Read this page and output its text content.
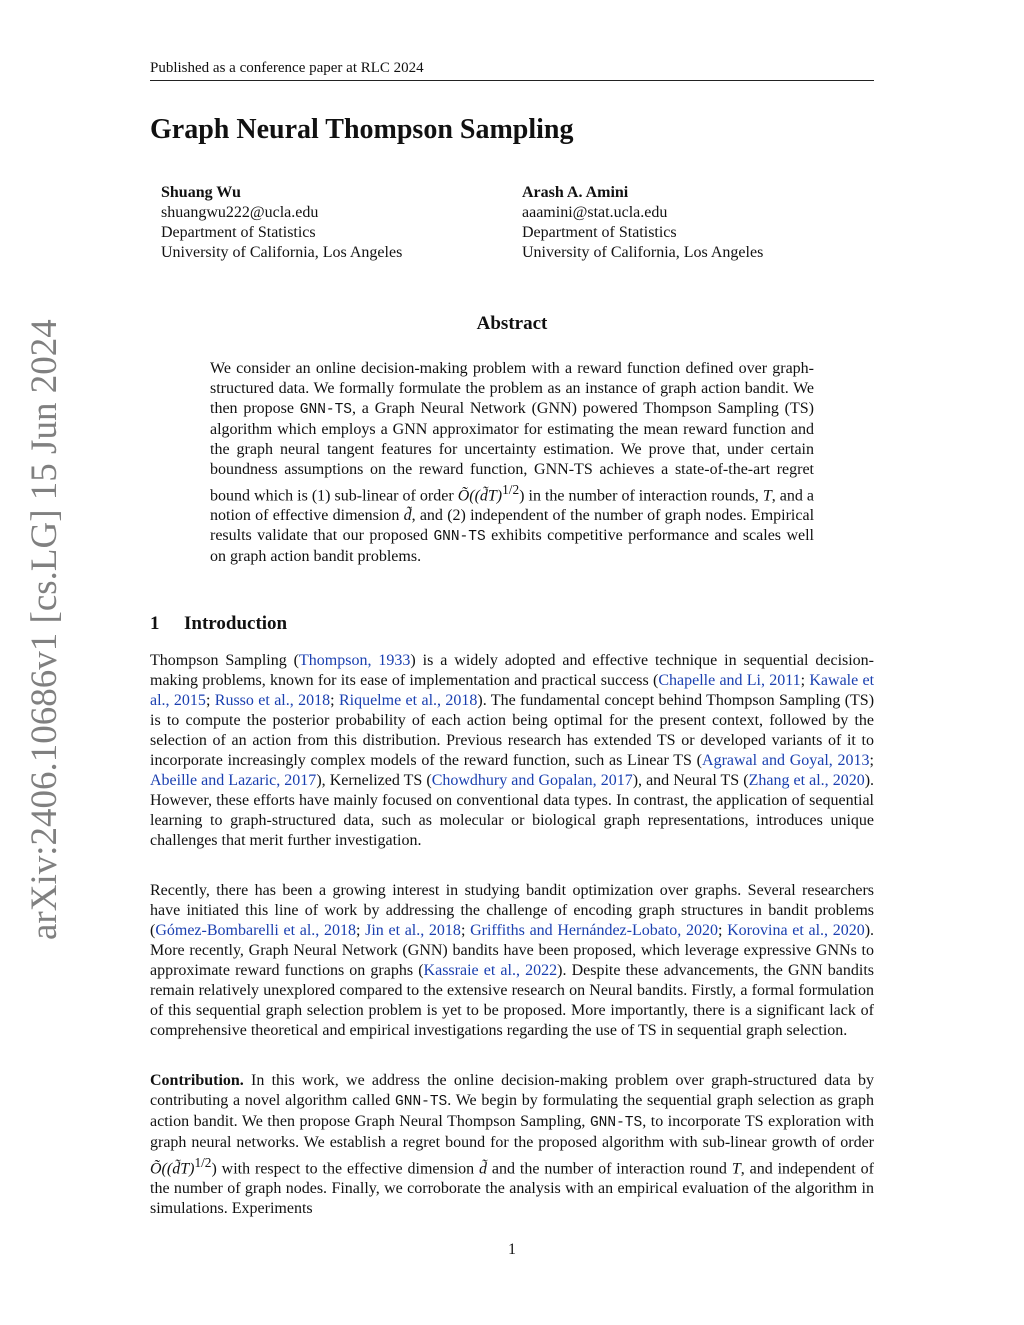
Published as a conference paper at RLC 2024
Graph Neural Thompson Sampling
Shuang Wu
shuangwu222@ucla.edu
Department of Statistics
University of California, Los Angeles
Arash A. Amini
aaamini@stat.ucla.edu
Department of Statistics
University of California, Los Angeles
arXiv:2406.10686v1 [cs.LG] 15 Jun 2024	Abstract

We consider an online decision-making problem with a reward function defined over graph-structured data. We formally formulate the problem as an instance of graph action bandit. We then propose GNN-TS, a Graph Neural Network (GNN) powered Thompson Sampling (TS) algorithm which employs a GNN approximator for estimating the mean reward function and the graph neural tangent features for uncertainty estimation. We prove that, under certain boundness assumptions on the reward function, GNN-TS achieves a state-of-the-art regret bound which is (1) sub-linear of order Õ((d̃T)$^{1/2}$) in the number of interaction rounds, T, and a notion of effective dimension d̃, and (2) independent of the number of graph nodes. Empirical results validate that our proposed GNN-TS exhibits competitive performance and scales well on graph action bandit problems.

1 Introduction

Thompson Sampling (Thompson, 1933) is a widely adopted and effective technique in sequential decision-making problems, known for its ease of implementation and practical success (Chapelle and Li, 2011; Kawale et al., 2015; Russo et al., 2018; Riquelme et al., 2018). The fundamental concept behind Thompson Sampling (TS) is to compute the posterior probability of each action being optimal for the present context, followed by the selection of an action from this distribution. Previous research has extended TS or developed variants of it to incorporate increasingly complex models of the reward function, such as Linear TS (Agrawal and Goyal, 2013; Abeille and Lazaric, 2017), Kernelized TS (Chowdhury and Gopalan, 2017), and Neural TS (Zhang et al., 2020). However, these efforts have mainly focused on conventional data types. In contrast, the application of sequential learning to graph-structured data, such as molecular or biological graph representations, introduces unique challenges that merit further investigation.

Recently, there has been a growing interest in studying bandit optimization over graphs. Several researchers have initiated this line of work by addressing the challenge of encoding graph structures in bandit problems (Gómez-Bombarelli et al., 2018; Jin et al., 2018; Griffiths and Hernández-Lobato, 2020; Korovina et al., 2020). More recently, Graph Neural Network (GNN) bandits have been proposed, which leverage expressive GNNs to approximate reward functions on graphs (Kassraie et al., 2022). Despite these advancements, the GNN bandits remain relatively unexplored compared to the extensive research on Neural bandits. Firstly, a formal formulation of this sequential graph selection problem is yet to be proposed. More importantly, there is a significant lack of comprehensive theoretical and empirical investigations regarding the use of TS in sequential graph selection.

Contribution. In this work, we address the online decision-making problem over graph-structured data by contributing a novel algorithm called GNN-TS. We begin by formulating the sequential graph selection as graph action bandit. We then propose Graph Neural Thompson Sampling, GNN-TS, to incorporate TS exploration with graph neural networks. We establish a regret bound for the proposed algorithm with sub-linear growth of order Õ((d̃T)$^{1/2}$) with respect to the effective dimension d̃ and the number of interaction round T, and independent of the number of graph nodes. Finally, we corroborate the analysis with an empirical evaluation of the algorithm in simulations. Experiments

1
